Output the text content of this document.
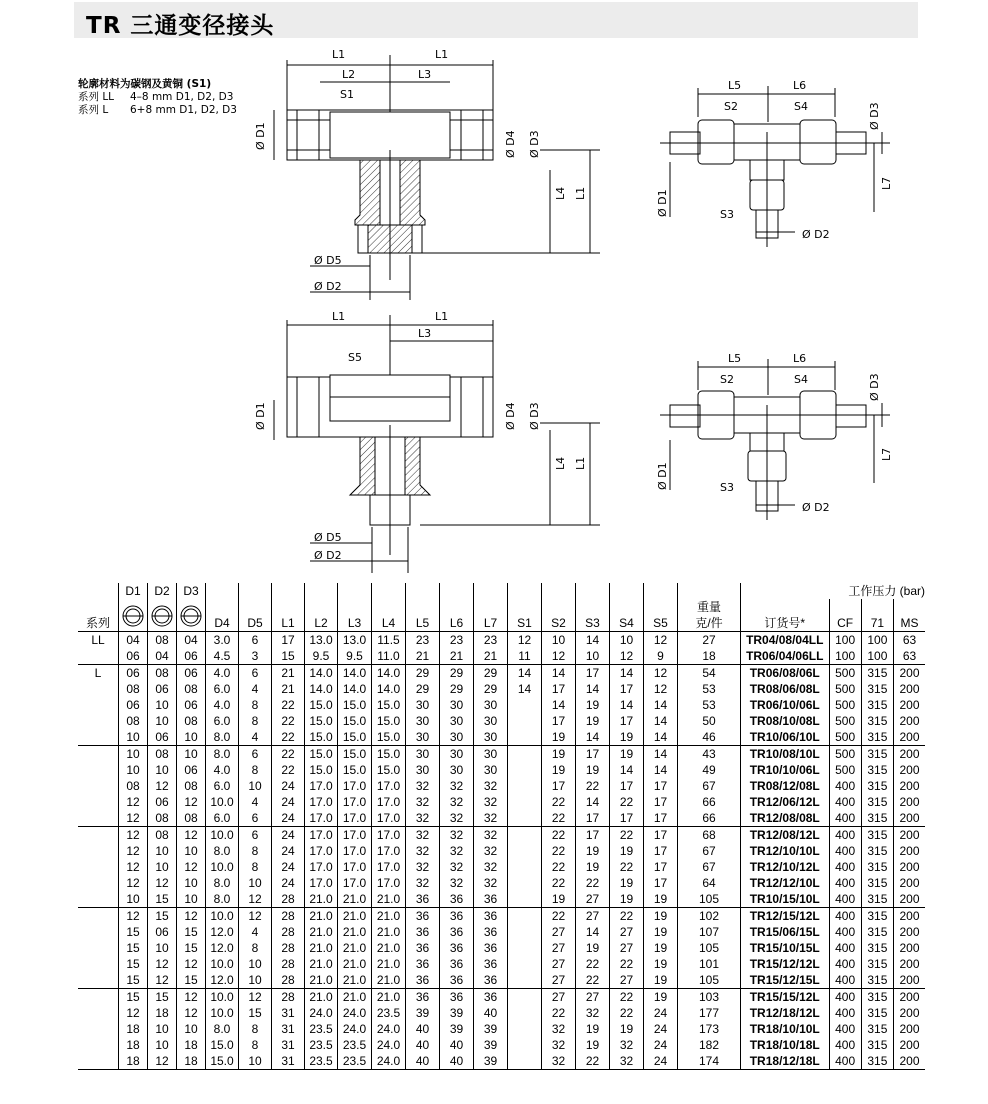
TR 三通变径接头
轮廓材料为碳钢及黄铜 (S1)
系列 LL	4–8 mm D1, D2, D3
系列 L	6+8 mm D1, D2, D3
L1	L1
L2	L3
S1
Ø D1	Ø D4 Ø D3
L4 L1
Ø D5
Ø D2
L1	L1
L3
S5
Ø D1	Ø D4 Ø D3
L4 L1
Ø D5
Ø D2
L5	L6
S2	S4	Ø D3
L7
Ø D1	S3
Ø D2
L5	L6
S2	S4	Ø D3
L7
Ø D1	S3
Ø D2
	D1	D2	D3																	工作压力 (bar)		
系列				D4	D5	L1	L2	L3	L4	L5	L6	L7	S1	S2	S3	S4	S5	重量
克/件	订货号*	CF	71	MS
LL	04	08	04	3.0	6	17	13.0	13.0	11.5	23	23	23	12	10	14	10	12	27	TR04/08/04LL	100	100	63
	06	04	06	4.5	3	15	9.5	9.5	11.0	21	21	21	11	12	10	12	9	18	TR06/04/06LL	100	100	63
L	06	08	06	4.0	6	21	14.0	14.0	14.0	29	29	29	14	14	17	14	12	54	TR06/08/06L	500	315	200
	08	06	08	6.0	4	21	14.0	14.0	14.0	29	29	29	14	17	14	17	12	53	TR08/06/08L	500	315	200
	06	10	06	4.0	8	22	15.0	15.0	15.0	30	30	30		14	19	14	14	53	TR06/10/06L	500	315	200
	08	10	08	6.0	8	22	15.0	15.0	15.0	30	30	30		17	19	17	14	50	TR08/10/08L	500	315	200
	10	06	10	8.0	4	22	15.0	15.0	15.0	30	30	30		19	14	19	14	46	TR10/06/10L	500	315	200
	10	08	10	8.0	6	22	15.0	15.0	15.0	30	30	30		19	17	19	14	43	TR10/08/10L	500	315	200
	10	10	06	4.0	8	22	15.0	15.0	15.0	30	30	30		19	19	14	14	49	TR10/10/06L	500	315	200
	08	12	08	6.0	10	24	17.0	17.0	17.0	32	32	32		17	22	17	17	67	TR08/12/08L	400	315	200
	12	06	12	10.0	4	24	17.0	17.0	17.0	32	32	32		22	14	22	17	66	TR12/06/12L	400	315	200
	12	08	08	6.0	6	24	17.0	17.0	17.0	32	32	32		22	17	17	17	66	TR12/08/08L	400	315	200
	12	08	12	10.0	6	24	17.0	17.0	17.0	32	32	32		22	17	22	17	68	TR12/08/12L	400	315	200
	12	10	10	8.0	8	24	17.0	17.0	17.0	32	32	32		22	19	19	17	67	TR12/10/10L	400	315	200
	12	10	12	10.0	8	24	17.0	17.0	17.0	32	32	32		22	19	22	17	67	TR12/10/12L	400	315	200
	12	12	10	8.0	10	24	17.0	17.0	17.0	32	32	32		22	22	19	17	64	TR12/12/10L	400	315	200
	10	15	10	8.0	12	28	21.0	21.0	21.0	36	36	36		19	27	19	19	105	TR10/15/10L	400	315	200
	12	15	12	10.0	12	28	21.0	21.0	21.0	36	36	36		22	27	22	19	102	TR12/15/12L	400	315	200
	15	06	15	12.0	4	28	21.0	21.0	21.0	36	36	36		27	14	27	19	107	TR15/06/15L	400	315	200
	15	10	15	12.0	8	28	21.0	21.0	21.0	36	36	36		27	19	27	19	105	TR15/10/15L	400	315	200
	15	12	12	10.0	10	28	21.0	21.0	21.0	36	36	36		27	22	22	19	101	TR15/12/12L	400	315	200
	15	12	15	12.0	10	28	21.0	21.0	21.0	36	36	36		27	22	27	19	105	TR15/12/15L	400	315	200
	15	15	12	10.0	12	28	21.0	21.0	21.0	36	36	36		27	27	22	19	103	TR15/15/12L	400	315	200
	12	18	12	10.0	15	31	24.0	24.0	23.5	39	39	40		22	32	22	24	177	TR12/18/12L	400	315	200
	18	10	10	8.0	8	31	23.5	24.0	24.0	40	39	39		32	19	19	24	173	TR18/10/10L	400	315	200
	18	10	18	15.0	8	31	23.5	23.5	24.0	40	40	39		32	19	32	24	182	TR18/10/18L	400	315	200
	18	12	18	15.0	10	31	23.5	23.5	24.0	40	40	39		32	22	32	24	174	TR18/12/18L	400	315	200
